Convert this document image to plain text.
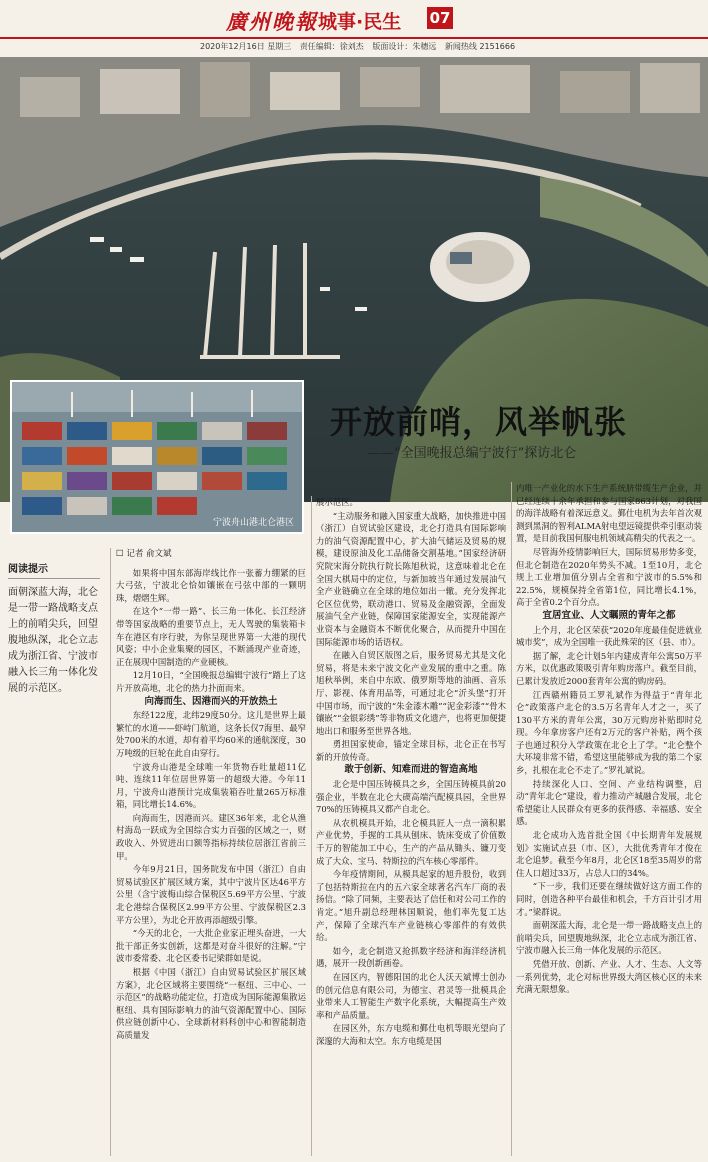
廣州晚報 城事·民生 07
2020年12月16日 星期三 责任编辑：徐刘杰 版面设计：朱穗远 新闻热线 2151666
宁波舟山港北仑港区
开放前哨，风举帆张
——“全国晚报总编宁波行”探访北仑
阅读提示
面朝深蓝大海，北仑是一带一路战略支点上的前哨尖兵，回望腹地纵深，北仑立志成为浙江省、宁波市融入长三角一体化发展的示范区。
☐ 记者 俞文斌

如果将中国东部海岸线比作一张蓄力绷紧的巨大弓弦，宁波北仑恰如镶嵌在弓弦中部的一颗明珠，熠熠生辉。

在这个“一带一路”、长三角一体化、长江经济带等国家战略的重要节点上，无人驾驶的集装箱卡车在港区有序行驶，为你呈现世界第一大港的现代风姿；中小企业集聚的园区，不断涌现产业奇迹，正在展现中国制造的产业硬核。

12月10日，“全国晚报总编辑宁波行”踏上了这片开放高地，北仑的热力扑面而来。

向海而生、因港而兴的开放热土

东经122度，北纬29度50分。这儿是世界上最繁忙的水道——虾峙门航道，这条长仅7海里、最窄处700米的水道，却有着平均60米的通航深度，30万吨级的巨轮在此自由穿行。

宁波舟山港是全球唯一年货物吞吐量超11亿吨、连续11年位居世界第一的超级大港。今年11月，宁波舟山港预计完成集装箱吞吐量265万标准箱，同比增长14.6%。

向海而生，因港而兴。建区36年来，北仑从渔村海岛一跃成为全国综合实力百强的区域之一，财政收入、外贸进出口额等指标持续位居浙江省前三甲。

今年9月21日，国务院发布中国（浙江）自由贸易试验区扩展区域方案，其中宁波片区达46平方公里（含宁波梅山综合保税区5.69平方公里、宁波北仑港综合保税区2.99平方公里、宁波保税区2.3平方公里），为北仑开放再添超级引擎。

“今天的北仑，一大批企业家正埋头奋进，一大批干部正务实创新，这都是对奋斗很好的注解。”宁波市委常委、北仑区委书记梁群如是说。

根据《中国（浙江）自由贸易试验区扩展区域方案》，北仑区域将主要围绕“一枢纽、三中心、一示范区”的战略功能定位，打造成为国际能源集散运枢纽、具有国际影响力的油气资源配置中心、国际供应链创新中心、全球新材料科创中心和智能制造高质量发

展示范区。

“主动服务和融入国家重大战略，加快推进中国（浙江）自贸试验区建设，北仑打造具有国际影响力的油气资源配置中心，扩大油气储运及贸易的规模，建设原油及化工品储备交割基地。”国家经济研究院宋海分院执行院长陈旭秋说，这意味着北仑在全国大棋局中的定位，与新加坡当年通过发展油气全产业链确立在全球的地位如出一辙。充分发挥北仑区位优势，联动港口、贸易及金融资源，全面发展油气全产业链，保障国家能源安全，实现能源产业资本与金融资本不断优化聚合，从而提升中国在国际能源市场的话语权。

在融入自贸区版图之后，服务贸易尤其是文化贸易，将是未来宁波文化产业发展的重中之重。陈旭秋举例，来自中东欧、俄罗斯等地的油画、音乐厅、影视、体育用品等，可通过北仑“沂头堡”打开中国市场，而宁波的“朱金漆木雕”“泥金彩漆”“骨木镶嵌”“金银彩绣”等非物质文化遗产，也将更加便捷地出口和服务至世界各地。

勇担国家使命，锚定全球目标，北仑正在书写新的开放传奇。

敢于创新、知难而进的智造高地

北仑是中国压铸模具之乡，全国压铸模具前20强企业，半数在北仑大碶高端汽配模具园，全世界70%的压铸模具又都产自北仑。

从农机模具开始，北仑模具匠人一点一滴积累产业优势，手握的工具从刨床、铣床变成了价值数千万的智能加工中心，生产的产品从锄头、镰刀变成了大众、宝马、特斯拉的汽车核心零部件。

今年疫情期间，从模具起家的旭升股份，收到了包括特斯拉在内的五六家全球著名汽车厂商的表扬信。“除了同频，主要表达了信任和对公司工作的肯定。”旭升副总经理林国顺说，他们率先复工达产，保障了全球汽车产业链核心零部件的有效供给。

如今，北仑制造又抢抓数字经济和海洋经济机遇，展开一段创新画卷。

在园区内，智德阳国的北仑人沃天斌博士创办的创元信息有限公司，为德宝、君灵等一批模具企业带来人工智能生产数字化系统，大幅提高生产效率和产品质量。

在园区外，东方电缆和鄞仕电机等眼光望向了深邃的大海和太空。东方电缆是国

内唯一产业化的水下生产系统脐带缆生产企业，并已经连续十余年承担和参与国家863计划，对我国的海洋战略有着深远意义。鄞仕电机为去年首次观测到黑洞的智利ALMA射电望远镜提供牵引驱动装置，是目前我国何服电机领域高精尖的代表之一。

尽管海外疫情影响巨大，国际贸易形势多变，但北仑制造在2020年势头不减。1至10月，北仑规上工业增加值分别占全省和宁波市的5.5%和22.5%，规模保持全省第1位，同比增长4.1%，高于全省0.2个百分点。

宜居宜业、人文瞩照的青年之都

上个月，北仑区荣获“2020年度最佳促进就业城市奖”，成为全国唯一获此殊荣的区（县、市）。

据了解，北仑计划5年内建成青年公寓50万平方米，以优惠政策吸引青年购房落户。截至目前，已累计发放近2000套青年公寓的购房码。

江西赣州籍员工罗礼斌作为得益于“青年北仑”政策落户北仑的3.5万名青年人才之一，买了130平方米的青年公寓，30万元购房补贴即时兑现。今年拿房客户还有2万元的客户补贴，两个孩子也通过积分入学政策在北仑上了学。“北仑整个大环境非常不错，希望这里能够成为我的第二个家乡，扎根在北仑不走了。”罗礼斌说。

持续深化人口、空间、产业结构调整，启动“青年北仑”建设，着力推动产城融合发展，北仑希望能让人民群众有更多的获得感、幸福感、安全感。

北仑成功入选首批全国《中长期青年发展规划》实施试点县（市、区），大批优秀青年才俊在北仑追梦。截至今年8月，北仑区18至35周岁的常住人口超过33万，占总人口的34%。

“下一步，我们还要在继续做好这方面工作的同时，创造各种平台最佳和机会，千方百计引才用才。”梁群说。

面朝深蓝大海，北仑是一带一路战略支点上的前哨尖兵，回望腹地纵深，北仑立志成为浙江省、宁波市融入长三角一体化发展的示范区。

凭借开放、创新、产业、人才、生态、人文等一系列优势，北仑对标世界级大湾区核心区的未来充满无限想象。
